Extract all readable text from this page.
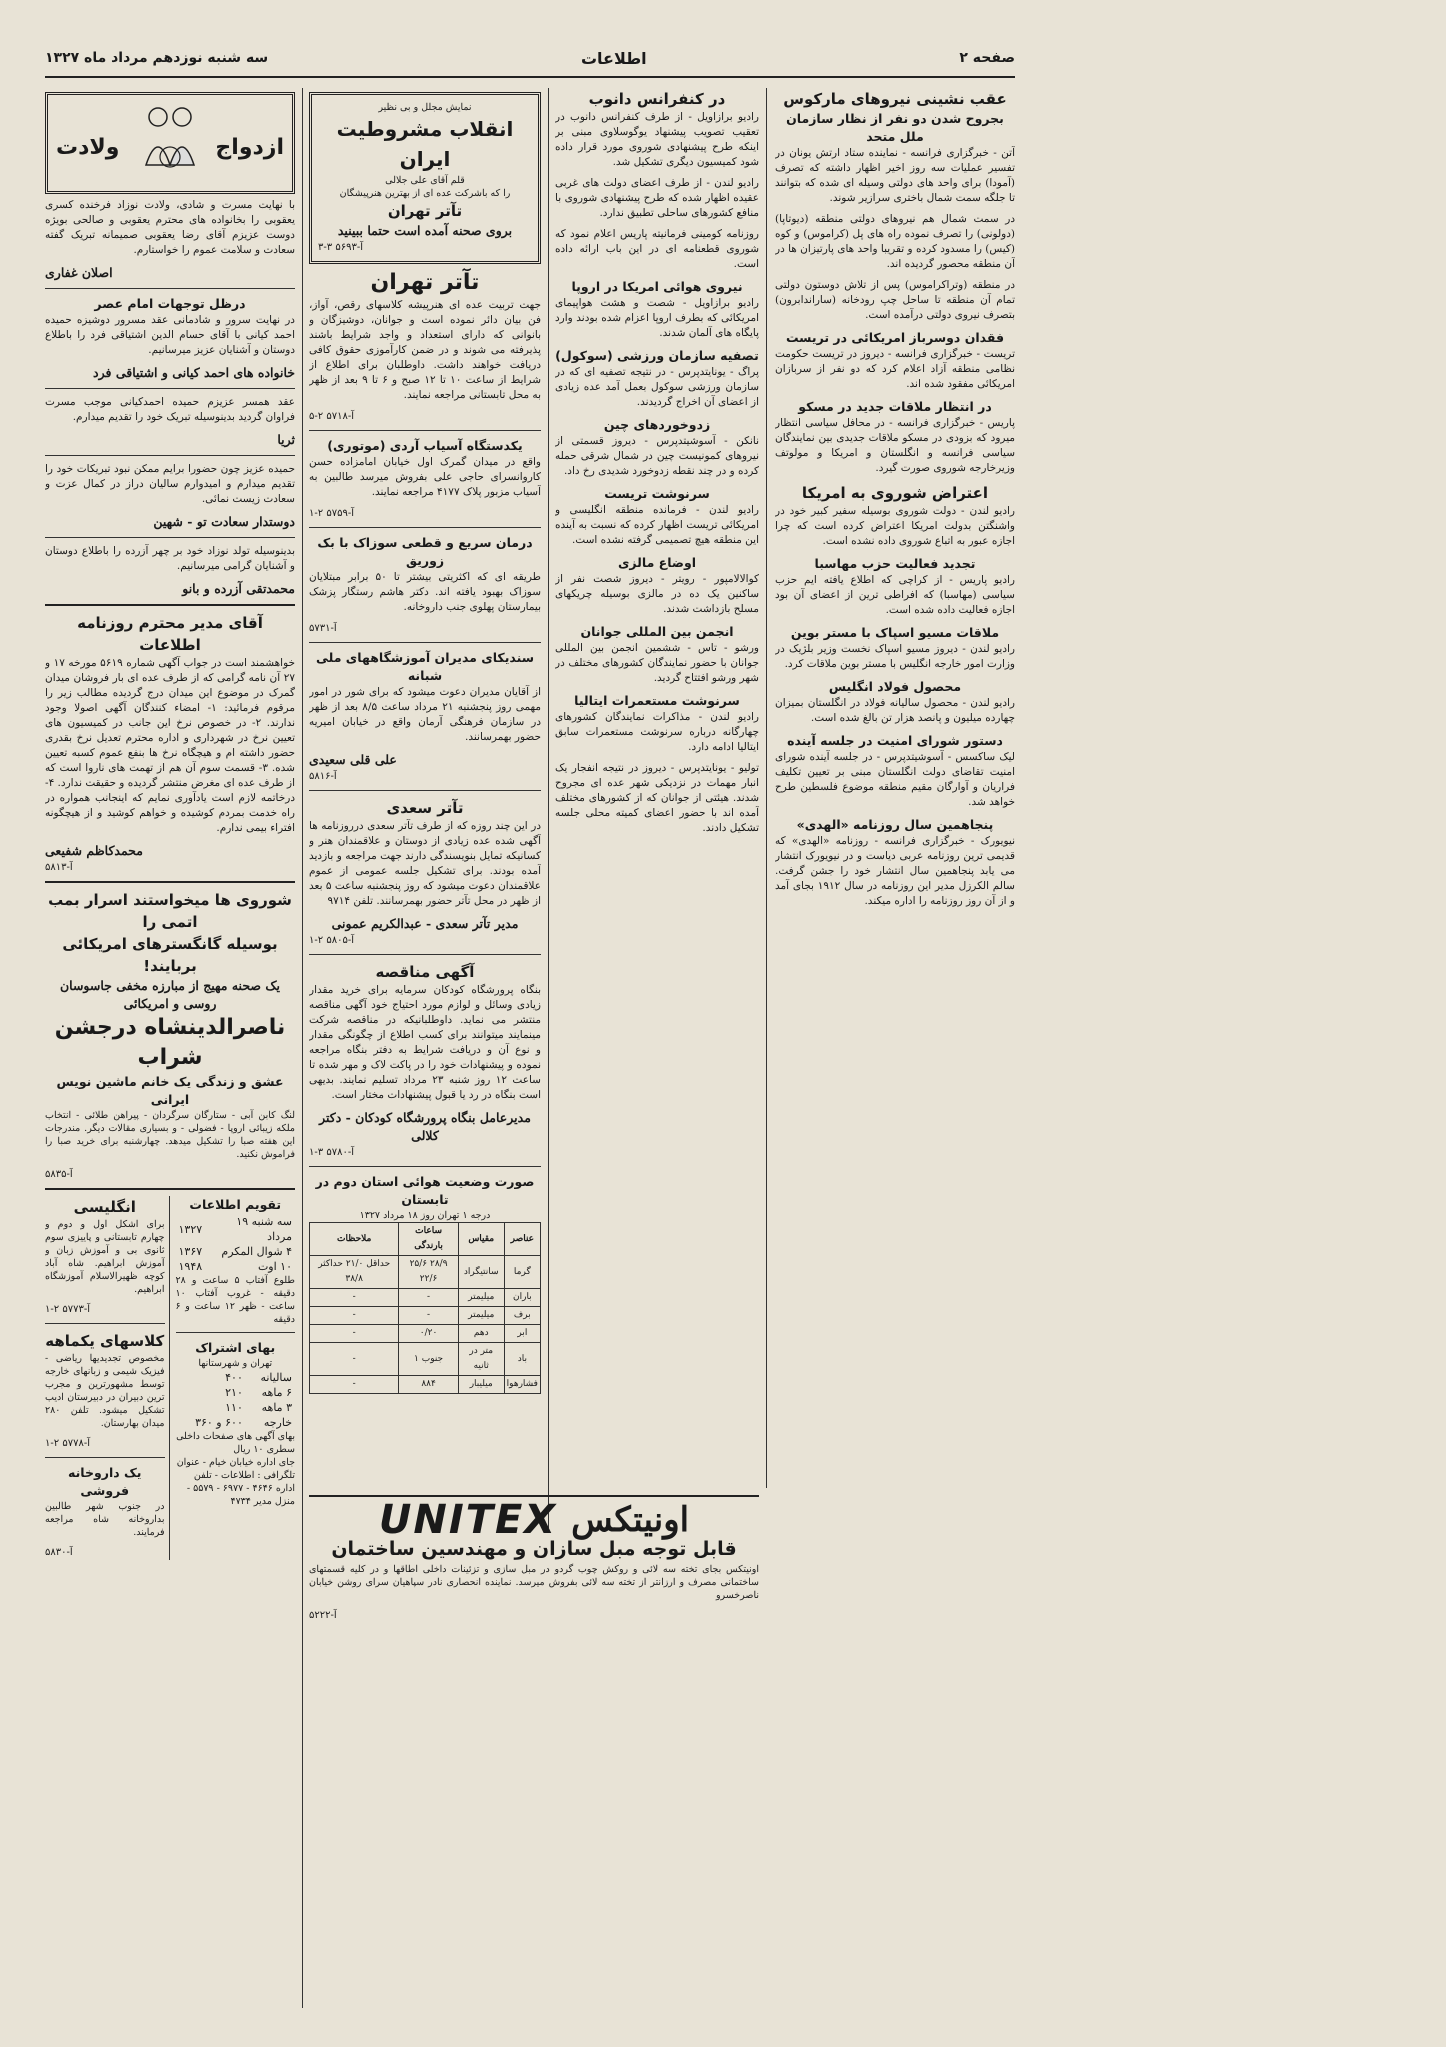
صفحه ۲
اطلاعات
سه شنبه نوزدهم مرداد ماه ۱۳۲۷
عقب نشینی نیروهای مارکوس
بجروح شدن دو نفر از نظار سازمان ملل متحد

آتن - خبرگزاری فرانسه - نماینده ستاد ارتش یونان در تفسیر عملیات سه روز اخیر اظهار داشته که تصرف (آمودا) برای واحد های دولتی وسیله ای شده که بتوانند تا جلگه سمت شمال باختری سرازیر شوند.

در سمت شمال هم نیروهای دولتی منطقه (دیوتاپا) (دولونی) را تصرف نموده راه های پل (کراموس) و کوه (کیس) را مسدود کرده و تقریبا واحد های پارتیزان ها در آن منطقه محصور گردیده اند.

در منطقه (وتراکراموس) پس از تلاش دوستون دولتی تمام آن منطقه تا ساحل چپ رودخانه (ساراندابرون) بتصرف نیروی دولتی درآمده است.

فقدان دوسرباز امریکائی در تریست

تریست - خبرگزاری فرانسه - دیروز در تریست حکومت نظامی منطقه آزاد اعلام کرد که دو نفر از سربازان امریکائی مفقود شده اند.

در انتظار ملاقات جدید در مسکو

پاریس - خبرگزاری فرانسه - در محافل سیاسی انتظار میرود که بزودی در مسکو ملاقات جدیدی بین نمایندگان سیاسی فرانسه و انگلستان و امریکا و مولوتف وزیرخارجه شوروی صورت گیرد.

اعتراض شوروی به امریکا

رادیو لندن - دولت شوروی بوسیله سفیر کبیر خود در واشنگتن بدولت امریکا اعتراض کرده است که چرا اجازه عبور به اتباع شوروی داده نشده است.

تجدید فعالیت حزب مهاسبا

رادیو پاریس - از کراچی که اطلاع یافته ایم حزب سیاسی (مهاسبا) که افراطی ترین از اعضای آن بود اجازه فعالیت داده شده است.

ملاقات مسیو اسپاک با مستر بوین

رادیو لندن - دیروز مسیو اسپاک نخست وزیر بلژیک در وزارت امور خارجه انگلیس با مستر بوین ملاقات کرد.

محصول فولاد انگلیس

رادیو لندن - محصول سالیانه فولاد در انگلستان بمیزان چهارده میلیون و پانصد هزار تن بالغ شده است.

دستور شورای امنیت در جلسه آینده

لیک ساکسس - آسوشیتدپرس - در جلسه آینده شورای امنیت تقاضای دولت انگلستان مبنی بر تعیین تکلیف فراریان و آوارگان مقیم منطقه موضوع فلسطین طرح خواهد شد.

پنجاهمین سال روزنامه «الهدی»

نیویورک - خبرگزاری فرانسه - روزنامه «الهدی» که قدیمی ترین روزنامه عربی دیاست و در نیویورک انتشار می یابد پنجاهمین سال انتشار خود را جشن گرفت. سالم الکرزل مدیر این روزنامه در سال ۱۹۱۲ بجای آمد و از آن روز روزنامه را اداره میکند.

در کنفرانس دانوب

رادیو برازاویل - از طرف کنفرانس دانوب در تعقیب تصویب پیشنهاد یوگوسلاوی مبنی بر اینکه طرح پیشنهادی شوروی مورد قرار داده شود کمیسیون دیگری تشکیل شد.

رادیو لندن - از طرف اعضای دولت های غربی عقیده اظهار شده که طرح پیشنهادی شوروی با منافع کشورهای ساحلی تطبیق ندارد.

روزنامه کومینی فرمانیته پاریس اعلام نمود که شوروی قطعنامه ای در این باب ارائه داده است.

نیروی هوائی امریکا در اروپا

رادیو برازاویل - شصت و هشت هواپیمای امریکائی که بطرف اروپا اعزام شده بودند وارد پایگاه های آلمان شدند.

تصفیه سازمان ورزشی (سوکول)

پراگ - یونایتدپرس - در نتیجه تصفیه ای که در سازمان ورزشی سوکول بعمل آمد عده زیادی از اعضای آن اخراج گردیدند.

زدوخوردهای چین

نانکن - آسوشیتدپرس - دیروز قسمتی از نیروهای کمونیست چین در شمال شرقی حمله کرده و در چند نقطه زدوخورد شدیدی رخ داد.

سرنوشت تریست

رادیو لندن - فرمانده منطقه انگلیسی و امریکائی تریست اظهار کرده که نسبت به آینده این منطقه هیچ تصمیمی گرفته نشده است.

اوضاع مالزی

کوالالامپور - رویتر - دیروز شصت نفر از ساکنین یک ده در مالزی بوسیله چریکهای مسلح بازداشت شدند.

انجمن بین المللی جوانان

ورشو - تاس - ششمین انجمن بین المللی جوانان با حضور نمایندگان کشورهای مختلف در شهر ورشو افتتاح گردید.

سرنوشت مستعمرات ایتالیا

رادیو لندن - مذاکرات نمایندگان کشورهای چهارگانه درباره سرنوشت مستعمرات سابق ایتالیا ادامه دارد.

تولیو - یونایتدپرس - دیروز در نتیجه انفجار یک انبار مهمات در نزدیکی شهر عده ای مجروح شدند. هیئتی از جوانان که از کشورهای مختلف آمده اند با حضور اعضای کمیته محلی جلسه تشکیل دادند.

نمایش مجلل و بی نظیر
انقلاب مشروطیت ایران
قلم آقای علی جلالی
را که باشرکت عده ای از بهترین هنرپیشگان
تآتر تهران
بروی صحنه آمده است حتما ببینید
آ-۵۶۹۳ ۳-۳
تآتر تهران

جهت تربیت عده ای هنرپیشه کلاسهای رقص، آواز، فن بیان دائر نموده است و جوانان، دوشیزگان و بانوانی که دارای استعداد و واجد شرایط باشند پذیرفته می شوند و در ضمن کارآموزی حقوق کافی دریافت خواهند داشت. داوطلبان برای اطلاع از شرایط از ساعت ۱۰ تا ۱۲ صبح و ۶ تا ۹ بعد از ظهر به محل تابستانی مراجعه نمایند.

آ-۵۷۱۸ ۲-۵
یکدستگاه آسیاب آردی (موتوری)

واقع در میدان گمرک اول خیابان امامزاده حسن کاروانسرای حاجی علی بفروش میرسد طالبین به آسیاب مزبور پلاک ۴۱۷۷ مراجعه نمایند.

آ-۵۷۵۹ ۲-۱
درمان سریع و قطعی سوزاک با بک زوریق

طریقه ای که اکثریتی بیشتر تا ۵۰ برابر مبتلایان سوزاک بهبود یافته اند. دکتر هاشم رستگار پزشک بیمارستان پهلوی جنب داروخانه.

آ-۵۷۳۱
سندیکای مدیران آموزشگاههای ملی شبانه

از آقایان مدیران دعوت میشود که برای شور در امور مهمی روز پنجشنبه ۲۱ مرداد ساعت ۸/۵ بعد از ظهر در سازمان فرهنگی آرمان واقع در خیابان امیریه حضور بهمرسانند.

علی قلی سعیدی
آ-۵۸۱۶
تآتر سعدی

در این چند روزه که از طرف تآتر سعدی درروزنامه ها آگهی شده عده زیادی از دوستان و علاقمندان هنر و کسانیکه تمایل بنویسندگی دارند جهت مراجعه و بازدید آمده بودند. برای تشکیل جلسه عمومی از عموم علاقمندان دعوت میشود که روز پنجشنبه ساعت ۵ بعد از ظهر در محل تآتر حضور بهمرسانند. تلفن ۹۷۱۴

مدیر تآتر سعدی - عبدالکریم عمونی
آ-۵۸۰۵ ۲-۱
آگهی مناقصه

بنگاه پرورشگاه کودکان سرمایه برای خرید مقدار زیادی وسائل و لوازم مورد احتیاج خود آگهی مناقصه منتشر می نماید. داوطلبانیکه در مناقصه شرکت مینمایند میتوانند برای کسب اطلاع از چگونگی مقدار و نوع آن و دریافت شرایط به دفتر بنگاه مراجعه نموده و پیشنهادات خود را در پاکت لاک و مهر شده تا ساعت ۱۲ روز شنبه ۲۳ مرداد تسلیم نمایند. بدیهی است بنگاه در رد یا قبول پیشنهادات مختار است.

مدیرعامل بنگاه پرورشگاه کودکان - دکتر کلالی
آ-۵۷۸۰ ۳-۱
صورت وضعیت هوائی استان دوم در تابستان
درجه ۱ تهران روز ۱۸ مرداد ۱۳۲۷
عناصر	مقیاس	ساعات بارندگی	ملاحظات
گرما	سانتیگراد	۲۸/۹ ۲۵/۶ ۲۲/۶	حداقل ۲۱/۰ حداکثر ۳۸/۸
باران	میلیمتر	-	-
برف	میلیمتر	-	-
ابر	دهم	۰/۲۰	-
باد	متر در ثانیه	جنوب ۱	-
فشارهوا	میلیبار	۸۸۴	-
ازدواج
ولادت

با نهایت مسرت و شادی، ولادت نوزاد فرخنده کسری یعقوبی را بخانواده های محترم یعقوبی و صالحی بویژه دوست عزیزم آقای رضا یعقوبی صمیمانه تبریک گفته سعادت و سلامت عموم را خواستارم.

اصلان غفاری
درظل توجهات امام عصر

در نهایت سرور و شادمانی عقد مسرور دوشیزه حمیده احمد کیانی با آقای حسام الدین اشتیاقی فرد را باطلاع دوستان و آشنایان عزیز میرسانیم.

خانواده های احمد کیانی و اشتیاقی فرد

عقد همسر عزیزم حمیده احمدکیانی موجب مسرت فراوان گردید بدینوسیله تبریک خود را تقدیم میدارم.

ثریا

حمیده عزیز چون حضورا برایم ممکن نبود تبریکات خود را تقدیم میدارم و امیدوارم سالیان دراز در کمال عزت و سعادت زیست نمائی.

دوستدار سعادت تو - شهین

بدینوسیله تولد نوزاد خود بر چهر آزرده را باطلاع دوستان و آشنایان گرامی میرسانیم.

محمدتقی آزرده و بانو
آقای مدیر محترم روزنامه اطلاعات

خواهشمند است در جواب آگهی شماره ۵۶۱۹ مورخه ۱۷ و ۲۷ آن نامه گرامی که از طرف عده ای بار فروشان میدان گمرک در موضوع این میدان درج گردیده مطالب زیر را مرقوم فرمائید: ۱- امضاء کنندگان آگهی اصولا وجود ندارند. ۲- در خصوص نرخ این جانب در کمیسیون های تعیین نرخ در شهرداری و اداره محترم تعدیل نرخ بقدری حضور داشته ام و هیچگاه نرخ ها بنفع عموم کسبه تعیین شده. ۳- قسمت سوم آن هم از تهمت های ناروا است که از طرف عده ای مغرض منتشر گردیده و حقیقت ندارد. ۴- درخاتمه لازم است یادآوری نمایم که اینجانب همواره در راه خدمت بمردم کوشیده و خواهم کوشید و از هیچگونه افتراء بیمی ندارم.

محمدکاظم شفیعی
آ-۵۸۱۳
شوروی ها میخواستند اسرار بمب اتمی را
بوسیله گانگسترهای امریکائی بربایند!
یک صحنه مهیج از مبارزه مخفی جاسوسان روسی و امریکائی
ناصرالدینشاه درجشن شراب
عشق و زندگی یک خانم ماشین نویس ایرانی

لنگ کابن آبی - ستارگان سرگردان - پیراهن طلائی - انتخاب ملکه زیبائی اروپا - فضولی - و بسیاری مقالات دیگر. مندرجات این هفته صبا را تشکیل میدهد. چهارشنبه برای خرید صبا را فراموش نکنید.

آ-۵۸۳۵
تقویم اطلاعات
سه شنبه ۱۹ مرداد	۱۳۲۷
۴ شوال المکرم	۱۳۶۷
۱۰ اوت	۱۹۴۸

طلوع آفتاب ۵ ساعت و ۲۸ دقیقه - غروب آفتاب ۱۰ ساعت - ظهر ۱۲ ساعت و ۶ دقیقه

بهای اشتراک
تهران و شهرستانها
سالیانه	۴۰۰
۶ ماهه	۲۱۰
۳ ماهه	۱۱۰
خارجه	۶۰۰ و ۳۶۰
بهای آگهی های صفحات داخلی سطری ۱۰ ریال
جای اداره خیابان خیام - عنوان تلگرافی : اطلاعات - تلفن اداره ۴۶۴۶ - ۶۹۷۷ - ۵۵۷۹ - منزل مدیر ۴۷۳۴
انگلیسی

برای اشکل اول و دوم و چهارم تابستانی و پاییزی سوم ثانوی بی و آموزش زبان و آموزش ابراهیم. شاه آباد کوچه ظهیرالاسلام آموزشگاه ابراهیم.

آ-۵۷۷۳ ۲-۱
کلاسهای یکماهه

مخصوص تجدیدیها ریاضی - فیزیک شیمی و زبانهای خارجه توسط مشهورترین و مجرب ترین دبیران در دبیرستان ادیب تشکیل میشود. تلفن ۲۸۰ میدان بهارستان.

آ-۵۷۷۸ ۲-۱
یک داروخانه فروشی

در جنوب شهر طالبین بداروخانه شاه مراجعه فرمایند.

آ-۵۸۳۰
اونیتکس
UNITEX
قابل توجه مبل سازان و مهندسین ساختمان

اونیتکس بجای تخته سه لائی و روکش چوب گردو در مبل سازی و تزئینات داخلی اطاقها و در کلیه قسمتهای ساختمانی مصرف و ارزانتر از تخته سه لائی بفروش میرسد. نماینده انحصاری نادر سپاهیان سرای روشن خیابان ناصرخسرو

آ-۵۲۲۲
